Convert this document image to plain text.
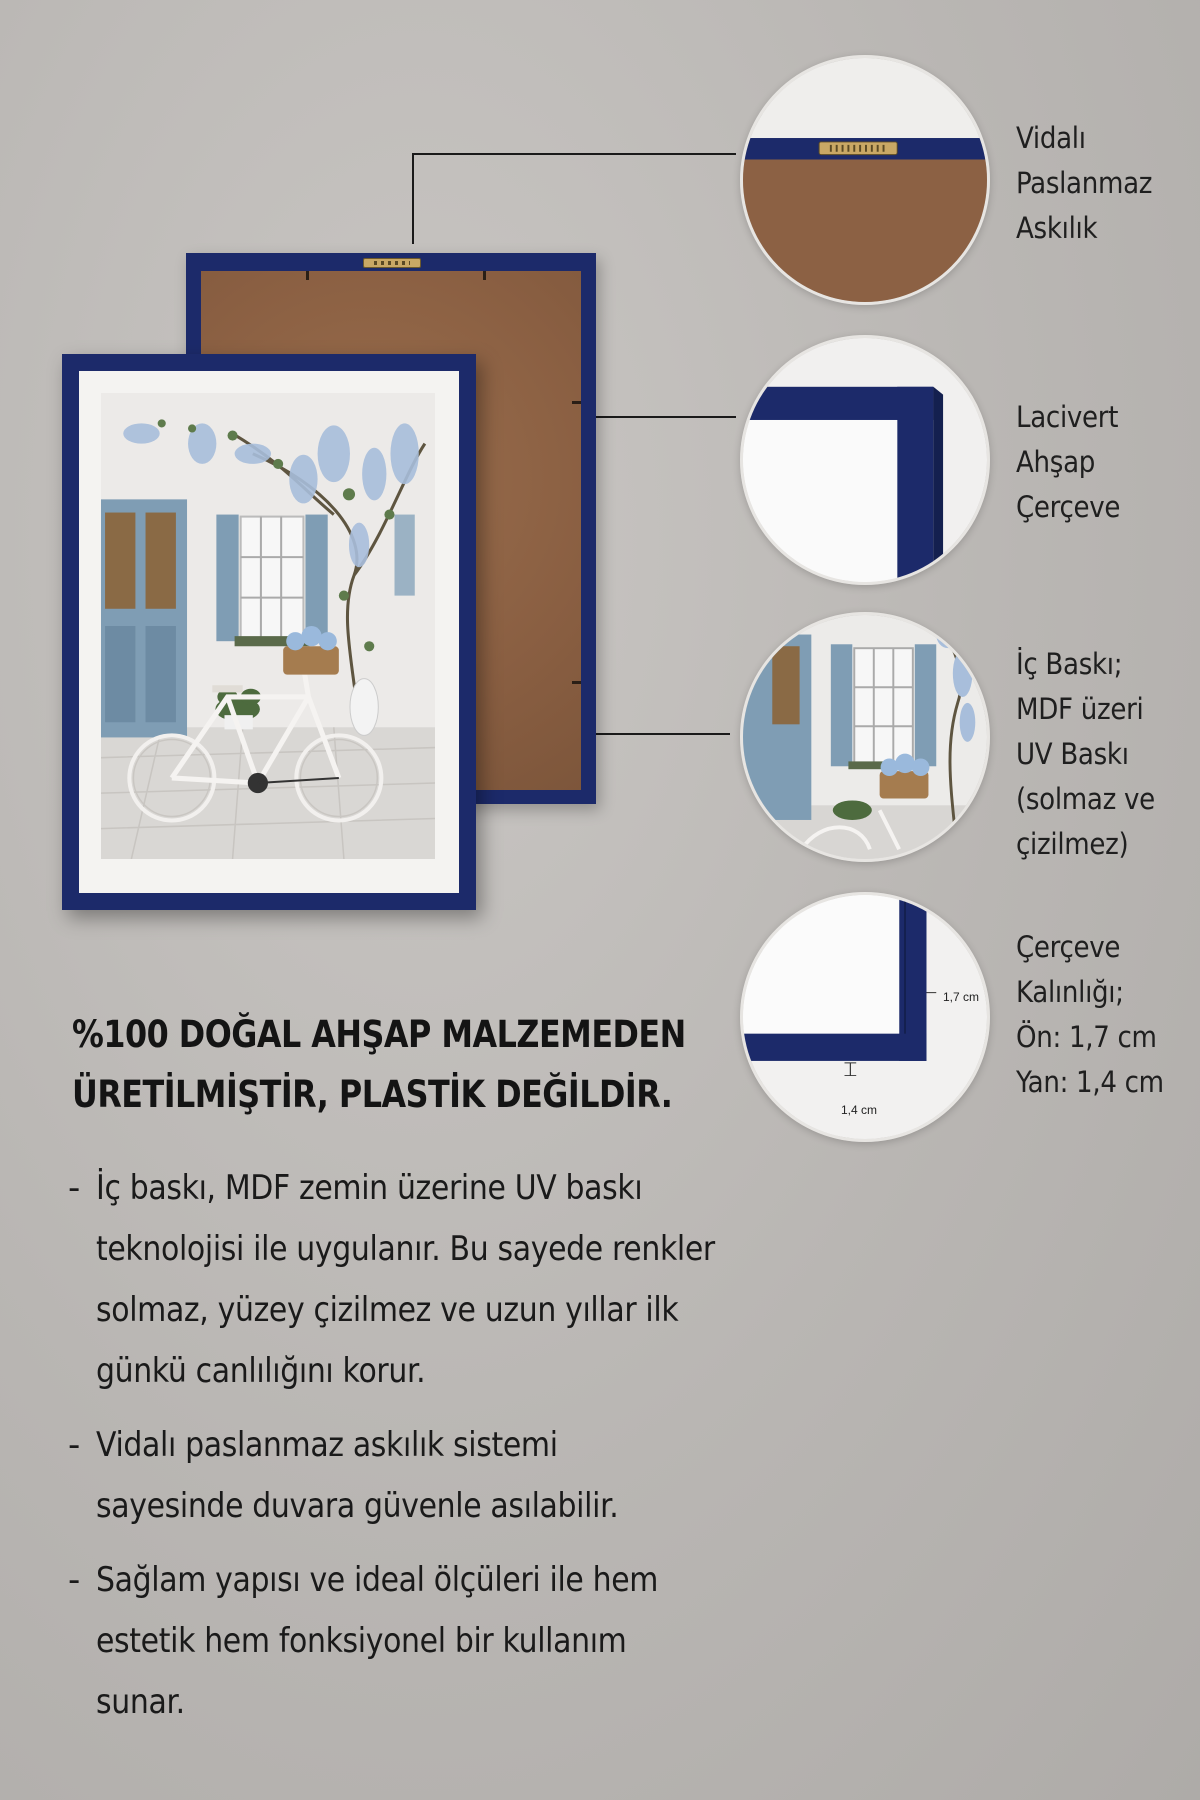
Vidalı
Paslanmaz
Askılık
Lacivert
Ahşap
Çerçeve
İç Baskı;
MDF üzeri
UV Baskı
(solmaz ve
çizilmez)
1,7 cm
1,4 cm
Çerçeve
Kalınlığı;
Ön: 1,7 cm
Yan: 1,4 cm
%100 DOĞAL AHŞAP MALZEMEDEN
ÜRETİLMİŞTİR, PLASTİK DEĞİLDİR.
- İç baskı, MDF zemin üzerine UV baskı
teknolojisi ile uygulanır. Bu sayede renkler
solmaz, yüzey çizilmez ve uzun yıllar ilk
günkü canlılığını korur.
- Vidalı paslanmaz askılık sistemi
sayesinde duvara güvenle asılabilir.
- Sağlam yapısı ve ideal ölçüleri ile hem
estetik hem fonksiyonel bir kullanım
sunar.
